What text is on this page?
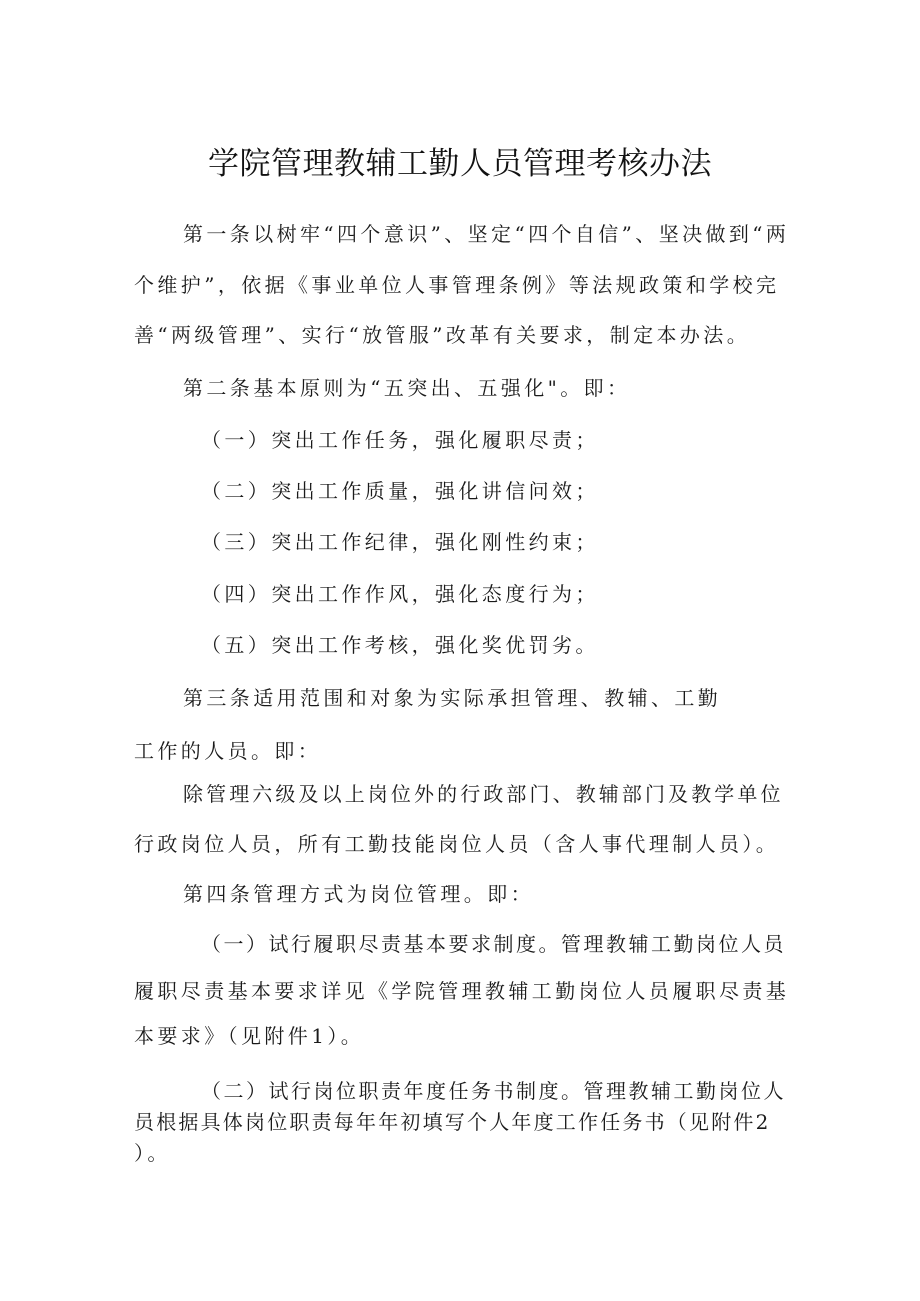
学院管理教辅工勤人员管理考核办法
第一条以树牢“四个意识”、坚定“四个自信”、坚决做到“两
个维护”，依据《事业单位人事管理条例》等法规政策和学校完
善“两级管理”、实行“放管服”改革有关要求，制定本办法。
第二条基本原则为“五突出、五强化"。即：
（一）突出工作任务，强化履职尽责；
（二）突出工作质量，强化讲信问效；
（三）突出工作纪律，强化刚性约束；
（四）突出工作作风，强化态度行为；
（五）突出工作考核，强化奖优罚劣。
第三条适用范围和对象为实际承担管理、教辅、工勤
工作的人员。即：
除管理六级及以上岗位外的行政部门、教辅部门及教学单位
行政岗位人员，所有工勤技能岗位人员（含人事代理制人员）。
第四条管理方式为岗位管理。即：
（一）试行履职尽责基本要求制度。管理教辅工勤岗位人员
履职尽责基本要求详见《学院管理教辅工勤岗位人员履职尽责基
本要求》（见附件1）。
（二）试行岗位职责年度任务书制度。管理教辅工勤岗位人
员根据具体岗位职责每年年初填写个人年度工作任务书（见附件2
）。
